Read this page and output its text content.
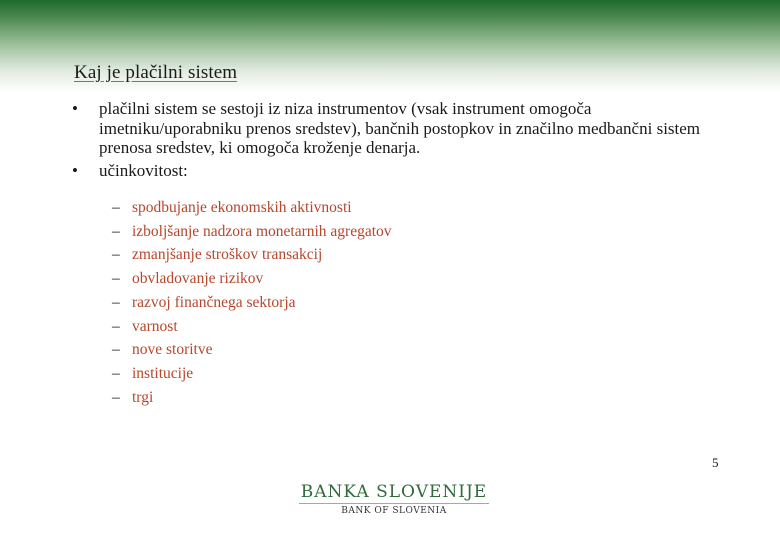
Kaj je plačilni sistem
•	plačilni sistem se sestoji iz niza instrumentov (vsak instrument omogoča imetniku/uporabniku prenos sredstev), bančnih postopkov in značilno medbančni sistem prenosa sredstev, ki omogoča kroženje denarja.
•	učinkovitost:
– spodbujanje ekonomskih aktivnosti
– izboljšanje nadzora monetarnih agregatov
– zmanjšanje stroškov transakcij
– obvladovanje rizikov
– razvoj finančnega sektorja
– varnost
– nove storitve
– institucije
– trgi
5
BANKA SLOVENIJE
BANK OF SLOVENIA
